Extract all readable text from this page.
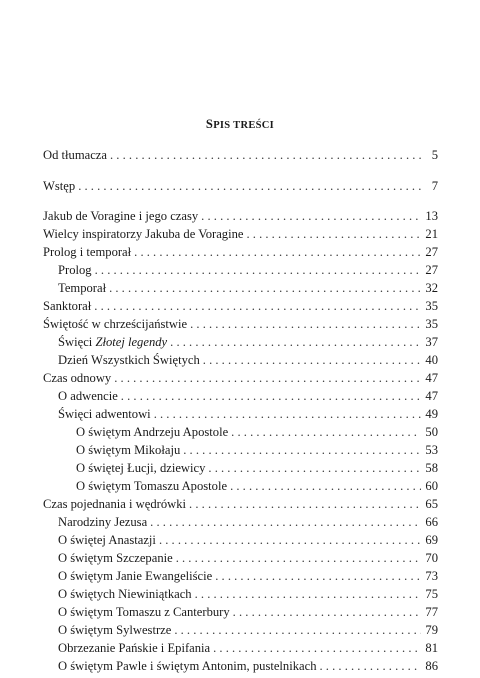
SPIS TREŚCI
Od tłumacza . . .	5
Wstęp . . .	7
Jakub de Voragine i jego czasy . . .	13
Wielcy inspiratorzy Jakuba de Voragine . . .	21
Prolog i temporał . . .	27
Prolog . . .	27
Temporał . . .	32
Sanktorał . . .	35
Świętość w chrześcijaństwie . . .	35
Święci Złotej legendy . . .	37
Dzień Wszystkich Świętych . . .	40
Czas odnowy . . .	47
O adwencie . . .	47
Święci adwentowi . . .	49
O świętym Andrzeju Apostole . . .	50
O świętym Mikołaju . . .	53
O świętej Łucji, dziewicy . . .	58
O świętym Tomaszu Apostole . . .	60
Czas pojednania i wędrówki . . .	65
Narodziny Jezusa . . .	66
O świętej Anastazji . . .	69
O świętym Szczepanie . . .	70
O świętym Janie Ewangeliście . . .	73
O świętych Niewiniątkach . . .	75
O świętym Tomaszu z Canterbury . . .	77
O świętym Sylwestrze . . .	79
Obrzezanie Pańskie i Epifania . . .	81
O świętym Pawle i świętym Antonim, pustelnikach . . .	86
